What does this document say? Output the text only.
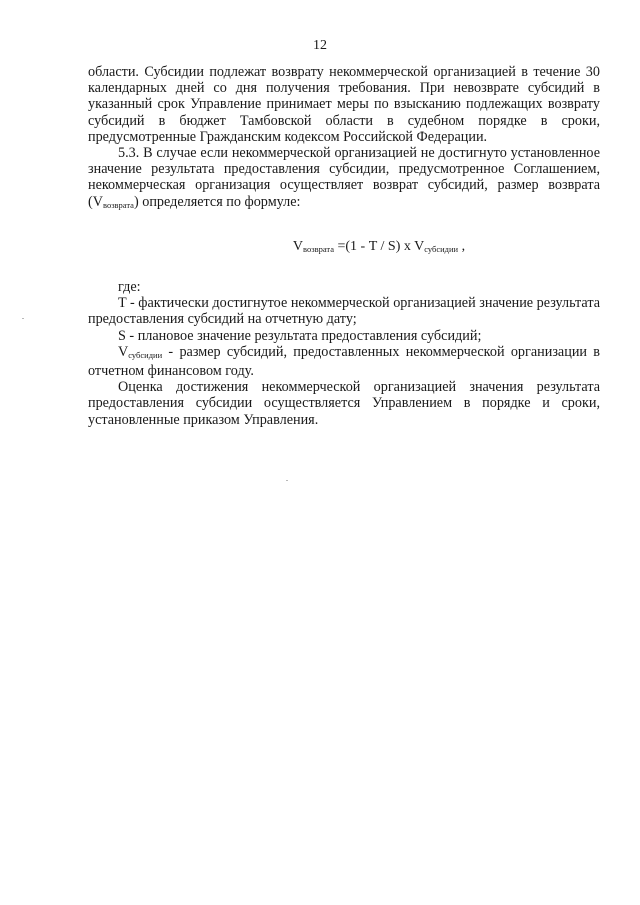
12

области. Субсидии подлежат возврату некоммерческой организацией в течение 30 календарных дней со дня получения требования. При невозврате субсидий в указанный срок Управление принимает меры по взысканию подлежащих возврату субсидий в бюджет Тамбовской области в судебном порядке в сроки, предусмотренные Гражданским кодексом Российской Федерации.

5.3. В случае если некоммерческой организацией не достигнуто установленное значение результата предоставления субсидии, предусмотренное Соглашением, некоммерческая организация осуществляет возврат субсидий, размер возврата $(V_{возврата})$ определяется по формуле:

$V_{возврата} =(1 - T / S)$ x $V_{субсидии}$ ,

где:

T - фактически достигнутое некоммерческой организацией значение результата предоставления субсидий на отчетную дату;

S - плановое значение результата предоставления субсидий;

$V_{субсидии}$ - размер субсидий, предоставленных некоммерческой организации в отчетном финансовом году.

Оценка достижения некоммерческой организацией значения результата предоставления субсидии осуществляется Управлением в порядке и сроки, установленные приказом Управления.
